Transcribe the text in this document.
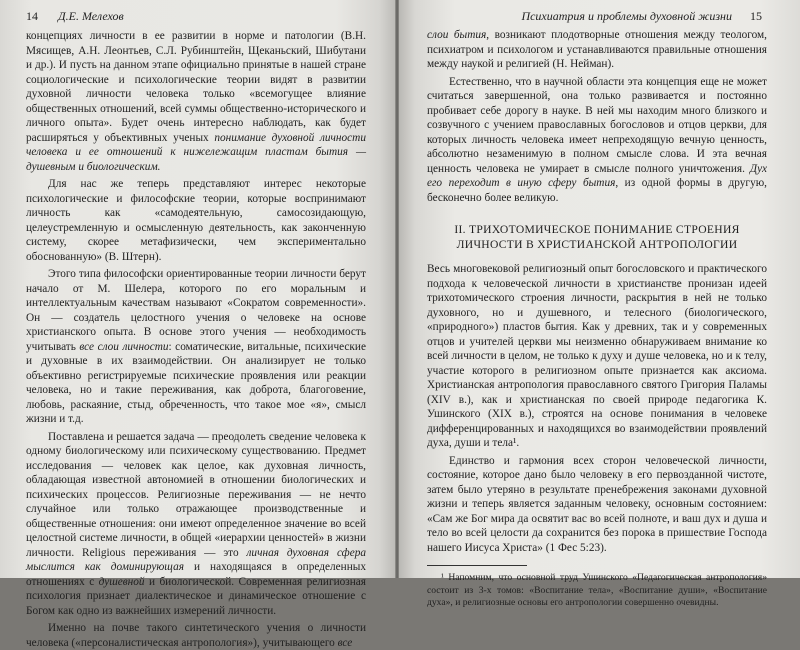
14 Д.Е. Мелехов

концепциях личности в ее развитии в норме и патологии (В.Н. Мясищев, А.Н. Леонтьев, С.Л. Рубинштейн, Щеканьский, Шибутани и др.). И пусть на данном этапе официально принятые в нашей стране социологические и психологические теории видят в развитии духовной личности человека только «всемогущее влияние общественных отношений, всей суммы общественно-исторического и личного опыта». Будет очень интересно наблюдать, как будет расширяться у объективных ученых понимание духовной личности человека и ее отношений к нижележащим пластам бытия — душевным и биологическим.

Для нас же теперь представляют интерес некоторые психологические и философские теории, которые воспринимают личность как «самодеятельную, самосозидающую, целеустремленную и осмысленную деятельность, как законченную систему, скорее метафизически, чем экспериментально обоснованную» (В. Штерн).

Этого типа философски ориентированные теории личности берут начало от М. Шелера, которого по его моральным и интеллектуальным качествам называют «Сократом современности». Он — создатель целостного учения о человеке на основе христианского опыта. В основе этого учения — необходимость учитывать все слои личности: соматические, витальные, психические и духовные в их взаимодействии. Он анализирует не только объективно регистрируемые психические проявления или реакции человека, но и такие переживания, как доброта, благоговение, любовь, раскаяние, стыд, обреченность, что такое мое «я», смысл жизни и т.д.

Поставлена и решается задача — преодолеть сведение человека к одному биологическому или психическому существованию. Предмет исследования — человек как целое, как духовная личность, обладающая известной автономией в отношении биологических и психических процессов. Религиозные переживания — не нечто случайное или только отражающее производственные и общественные отношения: они имеют определенное значение во всей целостной системе личности, в общей «иерархии ценностей» в жизни личности. Religious переживания — это личная духовная сфера мыслится как доминирующая и находящаяся в определенных отношениях с душевной и биологической. Современная религиозная психология признает диалектическое и динамическое отношение с Богом как одно из важнейших измерений личности.

Именно на почве такого синтетического учения о личности человека («персоналистическая антропология»), учитывающего все

Психиатрия и проблемы духовной жизни 15

слои бытия, возникают плодотворные отношения между теологом, психиатром и психологом и устанавливаются правильные отношения между наукой и религией (Н. Нейман).

Естественно, что в научной области эта концепция еще не может считаться завершенной, она только развивается и постоянно пробивает себе дорогу в науке. В ней мы находим много близкого и созвучного с учением православных богословов и отцов церкви, для которых личность человека имеет непреходящую вечную ценность, абсолютно незаменимую в полном смысле слова. И эта вечная ценность человека не умирает в смысле полного уничтожения. Дух его переходит в иную сферу бытия, из одной формы в другую, бесконечно более великую.

II. ТРИХОТОМИЧЕСКОЕ ПОНИМАНИЕ СТРОЕНИЯ ЛИЧНОСТИ В ХРИСТИАНСКОЙ АНТРОПОЛОГИИ

Весь многовековой религиозный опыт богословского и практического подхода к человеческой личности в христианстве пронизан идеей трихотомического строения личности, раскрытия в ней не только духовного, но и душевного, и телесного (биологического, «природного») пластов бытия. Как у древних, так и у современных отцов и учителей церкви мы неизменно обнаруживаем внимание ко всей личности в целом, не только к духу и душе человека, но и к телу, участие которого в религиозном опыте признается как аксиома. Христианская антропология православного святого Григория Паламы (XIV в.), как и христианская по своей природе педагогика К. Ушинского (XIX в.), строятся на основе понимания в человеке дифференцированных и находящихся во взаимодействии проявлений духа, души и тела¹.

Единство и гармония всех сторон человеческой личности, состояние, которое дано было человеку в его первозданной чистоте, затем было утеряно в результате пренебрежения законами духовной жизни и теперь является заданным человеку, основным состоянием: «Сам же Бог мира да освятит вас во всей полноте, и ваш дух и душа и тело во всей целости да сохранится без порока в пришествие Господа нашего Иисуса Христа» (1 Фес 5:23).

¹ Напомним, что основной труд Ушинского «Педагогическая антропология» состоит из 3-х томов: «Воспитание тела», «Воспитание души», «Воспитание духа», и религиозные основы его антропологии совершенно очевидны.
